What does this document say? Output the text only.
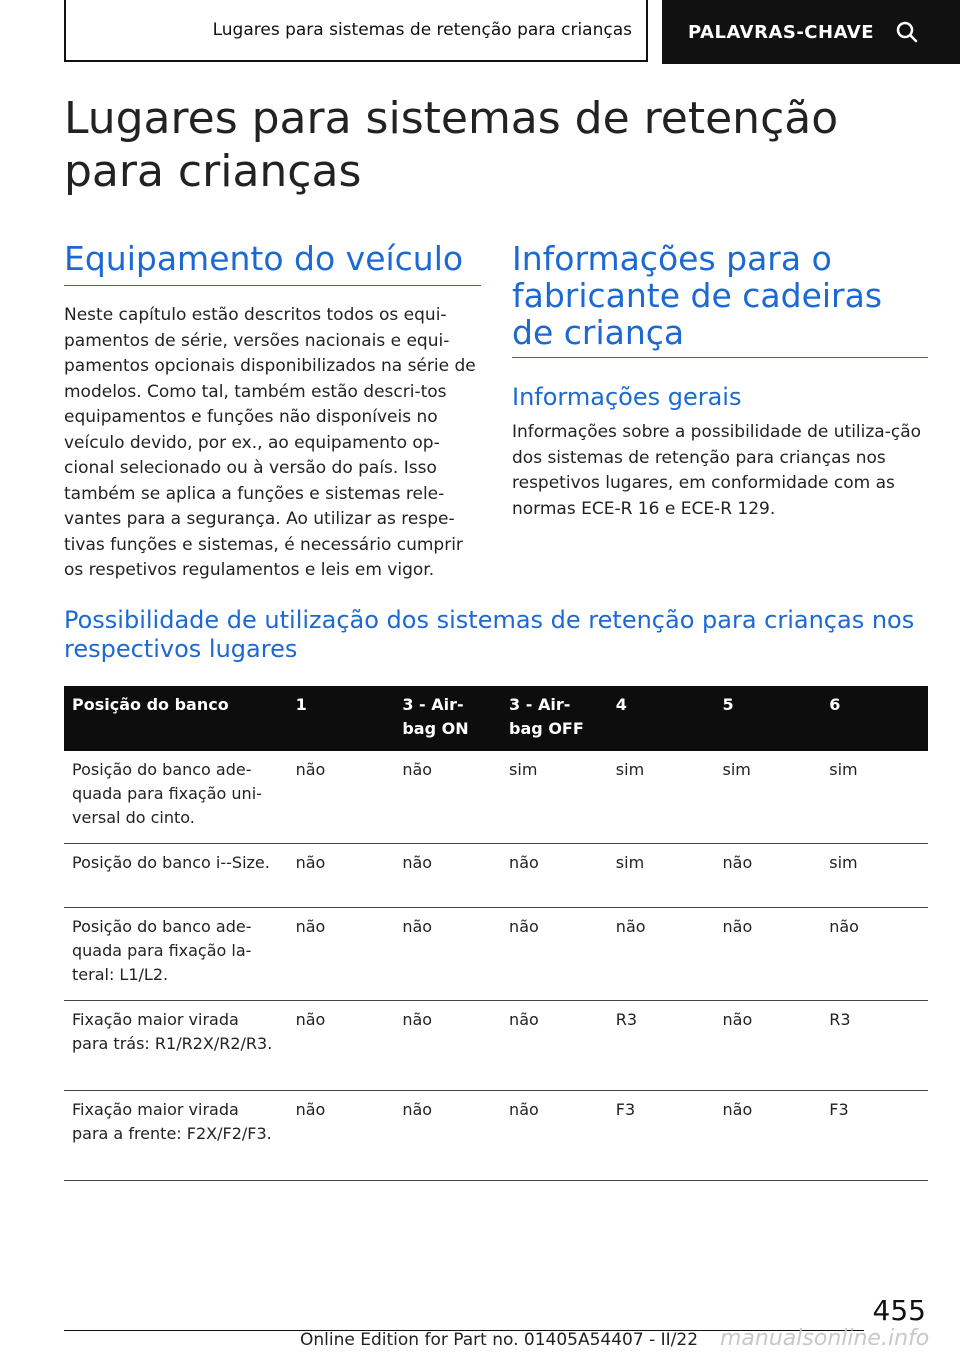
Lugares para sistemas de retenção para crianças	PALAVRAS-CHAVE
Lugares para sistemas de retenção para crianças
Equipamento do veículo

Neste capítulo estão descritos todos os equi-pamentos de série, versões nacionais e equi-pamentos opcionais disponibilizados na série de modelos. Como tal, também estão descri-tos equipamentos e funções não disponíveis no veículo devido, por ex., ao equipamento op-cional selecionado ou à versão do país. Isso também se aplica a funções e sistemas rele-vantes para a segurança. Ao utilizar as respe-tivas funções e sistemas, é necessário cumprir os respetivos regulamentos e leis em vigor.

Informações para o fabricante de cadeiras de criança
Informações gerais

Informações sobre a possibilidade de utiliza-ção dos sistemas de retenção para crianças nos respetivos lugares, em conformidade com as normas ECE-R 16 e ECE-R 129.

Possibilidade de utilização dos sistemas de retenção para crianças nos respectivos lugares
Posição do banco	1	3 - Air-bag ON	3 - Air-bag OFF	4	5	6
Posição do banco ade-quada para fixação uni-versal do cinto.	não	não	sim	sim	sim	sim
Posição do banco i--Size.	não	não	não	sim	não	sim
Posição do banco ade-quada para fixação la-teral: L1/L2.	não	não	não	não	não	não
Fixação maior virada para trás: R1/R2X/R2/R3.	não	não	não	R3	não	R3
Fixação maior virada para a frente: F2X/F2/F3.	não	não	não	F3	não	F3
455
Online Edition for Part no. 01405A54407 - II/22 manualsonline.info
